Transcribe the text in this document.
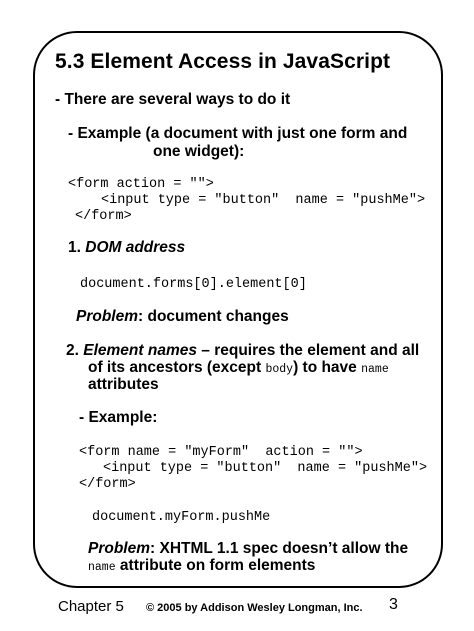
5.3 Element Access in JavaScript
- There are several ways to do it
- Example (a document with just one form and
one widget):
<form action = "">
<input type = "button"  name = "pushMe">
</form>
1. DOM address
document.forms[0].element[0]
Problem: document changes
2. Element names – requires the element and all
of its ancestors (except body) to have name
attributes
- Example:
<form name = "myForm"  action = "">
<input type = "button"  name = "pushMe">
</form>
document.myForm.pushMe
Problem: XHTML 1.1 spec doesn’t allow the
name attribute on form elements
Chapter 5 © 2005 by Addison Wesley Longman, Inc. 3
